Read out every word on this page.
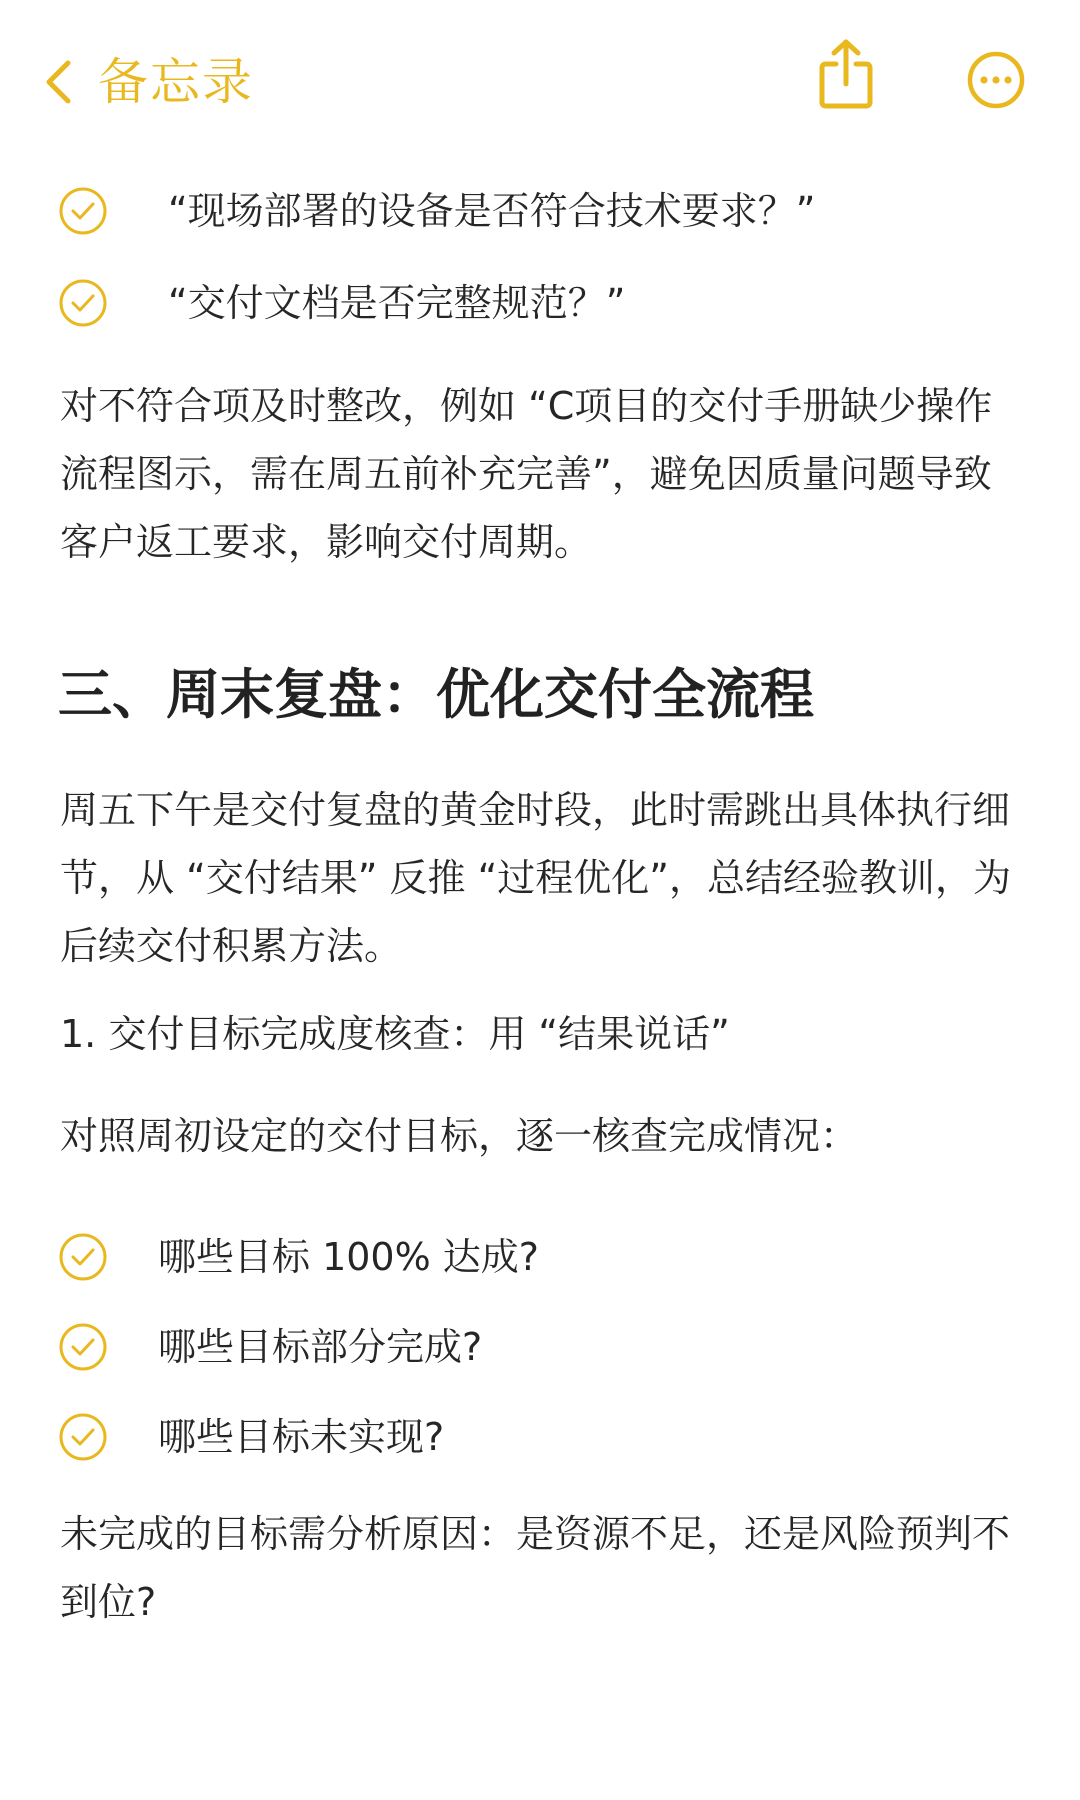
备忘录
“现场部署的设备是否符合技术要求？”
“交付文档是否完整规范？”

对不符合项及时整改，例如 “C项目的交付手册缺少操作流程图示，需在周五前补充完善”，避免因质量问题导致客户返工要求，影响交付周期。

三、周末复盘：优化交付全流程

周五下午是交付复盘的黄金时段，此时需跳出具体执行细节，从 “交付结果” 反推 “过程优化”，总结经验教训，为后续交付积累方法。

1. 交付目标完成度核查：用 “结果说话”

对照周初设定的交付目标，逐一核查完成情况：

哪些目标 100% 达成?
哪些目标部分完成?
哪些目标未实现?

未完成的目标需分析原因：是资源不足，还是风险预判不到位?
